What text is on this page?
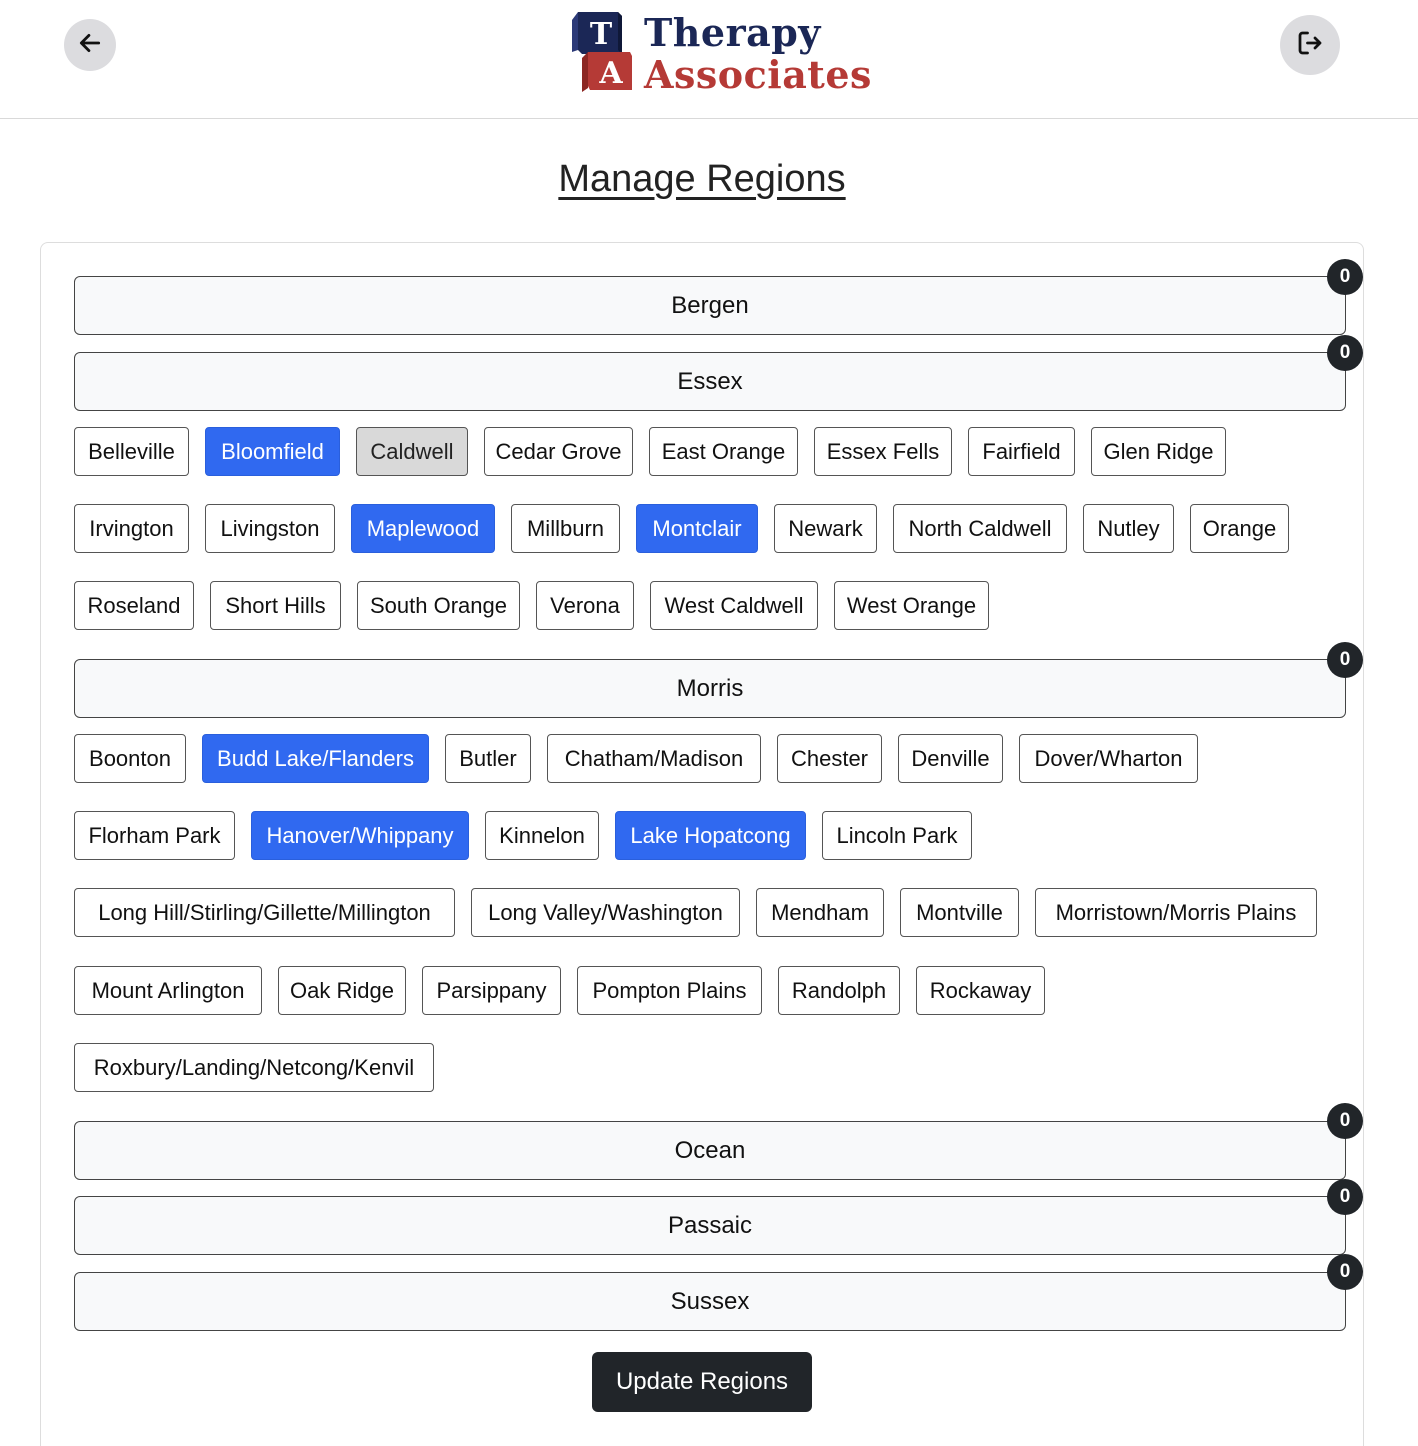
T
A
Therapy
Associates
Manage Regions
Bergen
0
Essex
0
Belleville	Bloomfield	Caldwell	Cedar Grove	East Orange	Essex Fells	Fairfield	Glen Ridge
Irvington	Livingston	Maplewood	Millburn	Montclair	Newark	North Caldwell	Nutley	Orange
Roseland	Short Hills	South Orange	Verona	West Caldwell	West Orange
Morris
0
Boonton	Budd Lake/Flanders	Butler	Chatham/Madison	Chester	Denville	Dover/Wharton
Florham Park	Hanover/Whippany	Kinnelon	Lake Hopatcong	Lincoln Park
Long Hill/Stirling/Gillette/Millington	Long Valley/Washington	Mendham	Montville	Morristown/Morris Plains
Mount Arlington	Oak Ridge	Parsippany	Pompton Plains	Randolph	Rockaway
Roxbury/Landing/Netcong/Kenvil
Ocean
0
Passaic
0
Sussex
0
Update Regions
